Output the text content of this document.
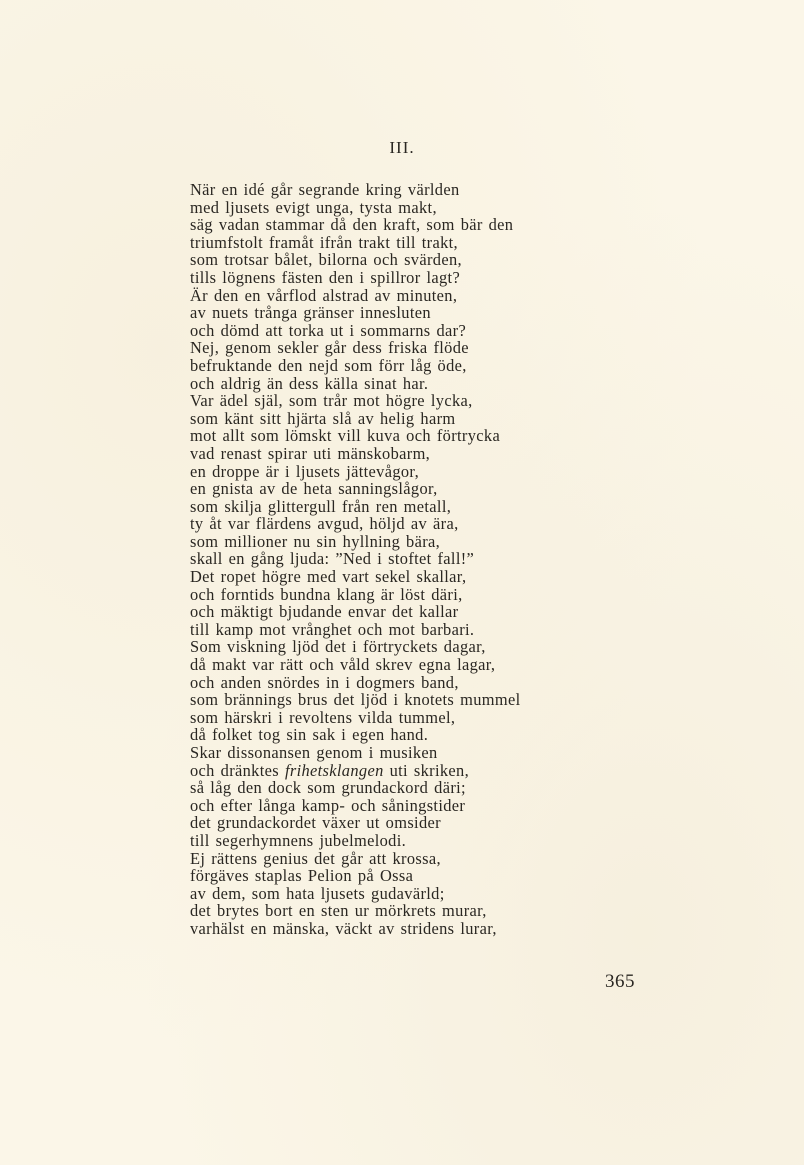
III.
När en idé går segrande kring världen
med ljusets evigt unga, tysta makt,
säg vadan stammar då den kraft, som bär den
triumfstolt framåt ifrån trakt till trakt,
som trotsar bålet, bilorna och svärden,
tills lögnens fästen den i spillror lagt?
Är den en vårflod alstrad av minuten,
av nuets trånga gränser innesluten
och dömd att torka ut i sommarns dar?
Nej, genom sekler går dess friska flöde
befruktande den nejd som förr låg öde,
och aldrig än dess källa sinat har.
Var ädel själ, som trår mot högre lycka,
som känt sitt hjärta slå av helig harm
mot allt som lömskt vill kuva och förtrycka
vad renast spirar uti mänskobarm,
en droppe är i ljusets jättevågor,
en gnista av de heta sanningslågor,
som skilja glittergull från ren metall,
ty åt var flärdens avgud, höljd av ära,
som millioner nu sin hyllning bära,
skall en gång ljuda: ”Ned i stoftet fall!”
Det ropet högre med vart sekel skallar,
och forntids bundna klang är löst däri,
och mäktigt bjudande envar det kallar
till kamp mot vrånghet och mot barbari.
Som viskning ljöd det i förtryckets dagar,
då makt var rätt och våld skrev egna lagar,
och anden snördes in i dogmers band,
som brännings brus det ljöd i knotets mummel
som härskri i revoltens vilda tummel,
då folket tog sin sak i egen hand.
Skar dissonansen genom i musiken
och dränktes frihetsklangen uti skriken,
så låg den dock som grundackord däri;
och efter långa kamp- och såningstider
det grundackordet växer ut omsider
till segerhymnens jubelmelodi.
Ej rättens genius det går att krossa,
förgäves staplas Pelion på Ossa
av dem, som hata ljusets gudavärld;
det brytes bort en sten ur mörkrets murar,
varhälst en mänska, väckt av stridens lurar,
365
